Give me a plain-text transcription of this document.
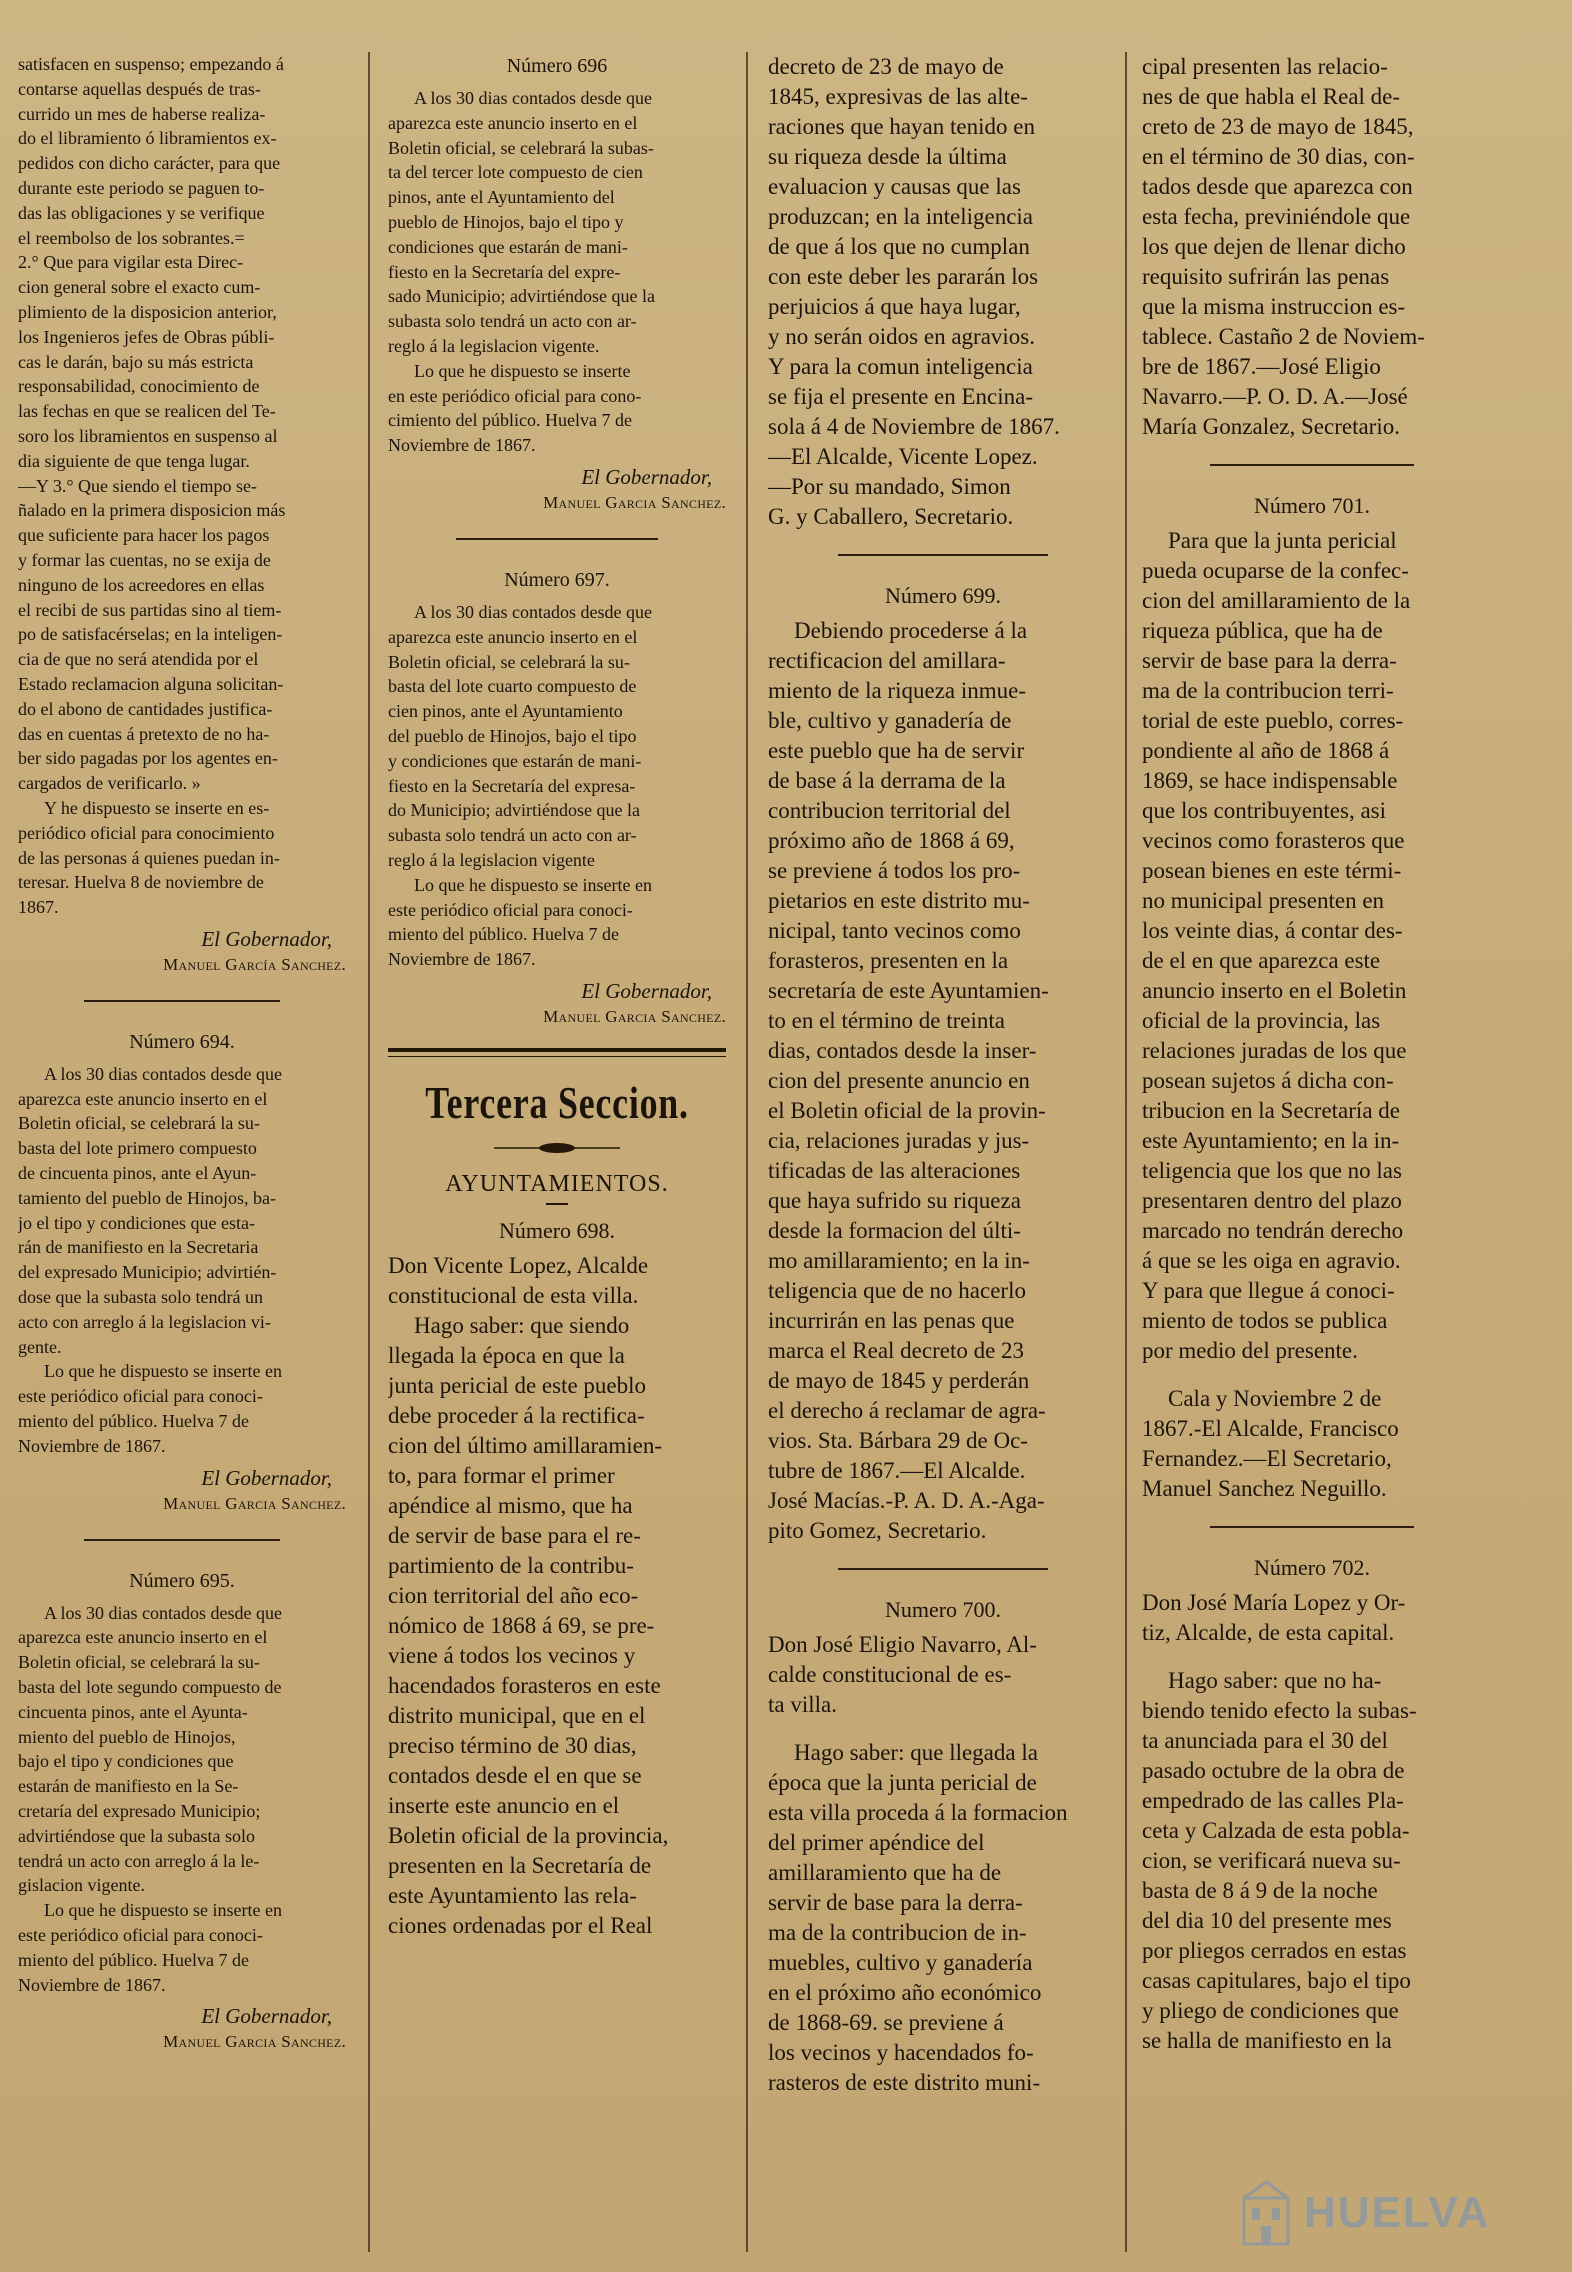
satisfacen en suspenso; empezando á
contarse aquellas después de tras-
currido un mes de haberse realiza-
do el libramiento ó libramientos ex-
pedidos con dicho carácter, para que
durante este periodo se paguen to-
das las obligaciones y se verifique
el reembolso de los sobrantes.=
2.° Que para vigilar esta Direc-
cion general sobre el exacto cum-
plimiento de la disposicion anterior,
los Ingenieros jefes de Obras públi-
cas le darán, bajo su más estricta
responsabilidad, conocimiento de
las fechas en que se realicen del Te-
soro los libramientos en suspenso al
dia siguiente de que tenga lugar.
—Y 3.° Que siendo el tiempo se-
ñalado en la primera disposicion más
que suficiente para hacer los pagos
y formar las cuentas, no se exija de
ninguno de los acreedores en ellas
el recibi de sus partidas sino al tiem-
po de satisfacérselas; en la inteligen-
cia de que no será atendida por el
Estado reclamacion alguna solicitan-
do el abono de cantidades justifica-
das en cuentas á pretexto de no ha-
ber sido pagadas por los agentes en-
cargados de verificarlo. »

Y he dispuesto se inserte en es-
periódico oficial para conocimiento
de las personas á quienes puedan in-
teresar. Huelva 8 de noviembre de
1867.

El Gobernador,

Manuel García Sanchez.

Número 694.

A los 30 dias contados desde que
aparezca este anuncio inserto en el
Boletin oficial, se celebrará la su-
basta del lote primero compuesto
de cincuenta pinos, ante el Ayun-
tamiento del pueblo de Hinojos, ba-
jo el tipo y condiciones que esta-
rán de manifiesto en la Secretaria
del expresado Municipio; advirtién-
dose que la subasta solo tendrá un
acto con arreglo á la legislacion vi-
gente.

Lo que he dispuesto se inserte en
este periódico oficial para conoci-
miento del público. Huelva 7 de
Noviembre de 1867.

El Gobernador,

Manuel Garcia Sanchez.

Número 695.

A los 30 dias contados desde que
aparezca este anuncio inserto en el
Boletin oficial, se celebrará la su-
basta del lote segundo compuesto de
cincuenta pinos, ante el Ayunta-
miento del pueblo de Hinojos,
bajo el tipo y condiciones que
estarán de manifiesto en la Se-
cretaría del expresado Municipio;
advirtiéndose que la subasta solo
tendrá un acto con arreglo á la le-
gislacion vigente.

Lo que he dispuesto se inserte en
este periódico oficial para conoci-
miento del público. Huelva 7 de
Noviembre de 1867.

El Gobernador,

Manuel Garcia Sanchez.

Número 696

A los 30 dias contados desde que
aparezca este anuncio inserto en el
Boletin oficial, se celebrará la subas-
ta del tercer lote compuesto de cien
pinos, ante el Ayuntamiento del
pueblo de Hinojos, bajo el tipo y
condiciones que estarán de mani-
fiesto en la Secretaría del expre-
sado Municipio; advirtiéndose que la
subasta solo tendrá un acto con ar-
reglo á la legislacion vigente.

Lo que he dispuesto se inserte
en este periódico oficial para cono-
cimiento del público. Huelva 7 de
Noviembre de 1867.

El Gobernador,

Manuel Garcia Sanchez.

Número 697.

A los 30 dias contados desde que
aparezca este anuncio inserto en el
Boletin oficial, se celebrará la su-
basta del lote cuarto compuesto de
cien pinos, ante el Ayuntamiento
del pueblo de Hinojos, bajo el tipo
y condiciones que estarán de mani-
fiesto en la Secretaría del expresa-
do Municipio; advirtiéndose que la
subasta solo tendrá un acto con ar-
reglo á la legislacion vigente

Lo que he dispuesto se inserte en
este periódico oficial para conoci-
miento del público. Huelva 7 de
Noviembre de 1867.

El Gobernador,

Manuel Garcia Sanchez.

Tercera Seccion.
AYUNTAMIENTOS.

Número 698.

Don Vicente Lopez, Alcalde
constitucional de esta villa.

Hago saber: que siendo
llegada la época en que la
junta pericial de este pueblo
debe proceder á la rectifica-
cion del último amillaramien-
to, para formar el primer
apéndice al mismo, que ha
de servir de base para el re-
partimiento de la contribu-
cion territorial del año eco-
nómico de 1868 á 69, se pre-
viene á todos los vecinos y
hacendados forasteros en este
distrito municipal, que en el
preciso término de 30 dias,
contados desde el en que se
inserte este anuncio en el
Boletin oficial de la provincia,
presenten en la Secretaría de
este Ayuntamiento las rela-
ciones ordenadas por el Real

decreto de 23 de mayo de
1845, expresivas de las alte-
raciones que hayan tenido en
su riqueza desde la última
evaluacion y causas que las
produzcan; en la inteligencia
de que á los que no cumplan
con este deber les pararán los
perjuicios á que haya lugar,
y no serán oidos en agravios.
Y para la comun inteligencia
se fija el presente en Encina-
sola á 4 de Noviembre de 1867.
—El Alcalde, Vicente Lopez.
—Por su mandado, Simon
G. y Caballero, Secretario.

Número 699.

Debiendo procederse á la
rectificacion del amillara-
miento de la riqueza inmue-
ble, cultivo y ganadería de
este pueblo que ha de servir
de base á la derrama de la
contribucion territorial del
próximo año de 1868 á 69,
se previene á todos los pro-
pietarios en este distrito mu-
nicipal, tanto vecinos como
forasteros, presenten en la
secretaría de este Ayuntamien-
to en el término de treinta
dias, contados desde la inser-
cion del presente anuncio en
el Boletin oficial de la provin-
cia, relaciones juradas y jus-
tificadas de las alteraciones
que haya sufrido su riqueza
desde la formacion del últi-
mo amillaramiento; en la in-
teligencia que de no hacerlo
incurrirán en las penas que
marca el Real decreto de 23
de mayo de 1845 y perderán
el derecho á reclamar de agra-
vios. Sta. Bárbara 29 de Oc-
tubre de 1867.—El Alcalde.
José Macías.-P. A. D. A.-Aga-
pito Gomez, Secretario.

Numero 700.

Don José Eligio Navarro, Al-
calde constitucional de es-
ta villa.

Hago saber: que llegada la
época que la junta pericial de
esta villa proceda á la formacion
del primer apéndice del
amillaramiento que ha de
servir de base para la derra-
ma de la contribucion de in-
muebles, cultivo y ganadería
en el próximo año económico
de 1868-69. se previene á
los vecinos y hacendados fo-
rasteros de este distrito muni-

cipal presenten las relacio-
nes de que habla el Real de-
creto de 23 de mayo de 1845,
en el término de 30 dias, con-
tados desde que aparezca con
esta fecha, previniéndole que
los que dejen de llenar dicho
requisito sufrirán las penas
que la misma instruccion es-
tablece. Castaño 2 de Noviem-
bre de 1867.—José Eligio
Navarro.—P. O. D. A.—José
María Gonzalez, Secretario.

Número 701.

Para que la junta pericial
pueda ocuparse de la confec-
cion del amillaramiento de la
riqueza pública, que ha de
servir de base para la derra-
ma de la contribucion terri-
torial de este pueblo, corres-
pondiente al año de 1868 á
1869, se hace indispensable
que los contribuyentes, asi
vecinos como forasteros que
posean bienes en este térmi-
no municipal presenten en
los veinte dias, á contar des-
de el en que aparezca este
anuncio inserto en el Boletin
oficial de la provincia, las
relaciones juradas de los que
posean sujetos á dicha con-
tribucion en la Secretaría de
este Ayuntamiento; en la in-
teligencia que los que no las
presentaren dentro del plazo
marcado no tendrán derecho
á que se les oiga en agravio.
Y para que llegue á conoci-
miento de todos se publica
por medio del presente.

Cala y Noviembre 2 de
1867.-El Alcalde, Francisco
Fernandez.—El Secretario,
Manuel Sanchez Neguillo.

Número 702.

Don José María Lopez y Or-
tiz, Alcalde, de esta capital.

Hago saber: que no ha-
biendo tenido efecto la subas-
ta anunciada para el 30 del
pasado octubre de la obra de
empedrado de las calles Pla-
ceta y Calzada de esta pobla-
cion, se verificará nueva su-
basta de 8 á 9 de la noche
del dia 10 del presente mes
por pliegos cerrados en estas
casas capitulares, bajo el tipo
y pliego de condiciones que
se halla de manifiesto en la

HUELVA
